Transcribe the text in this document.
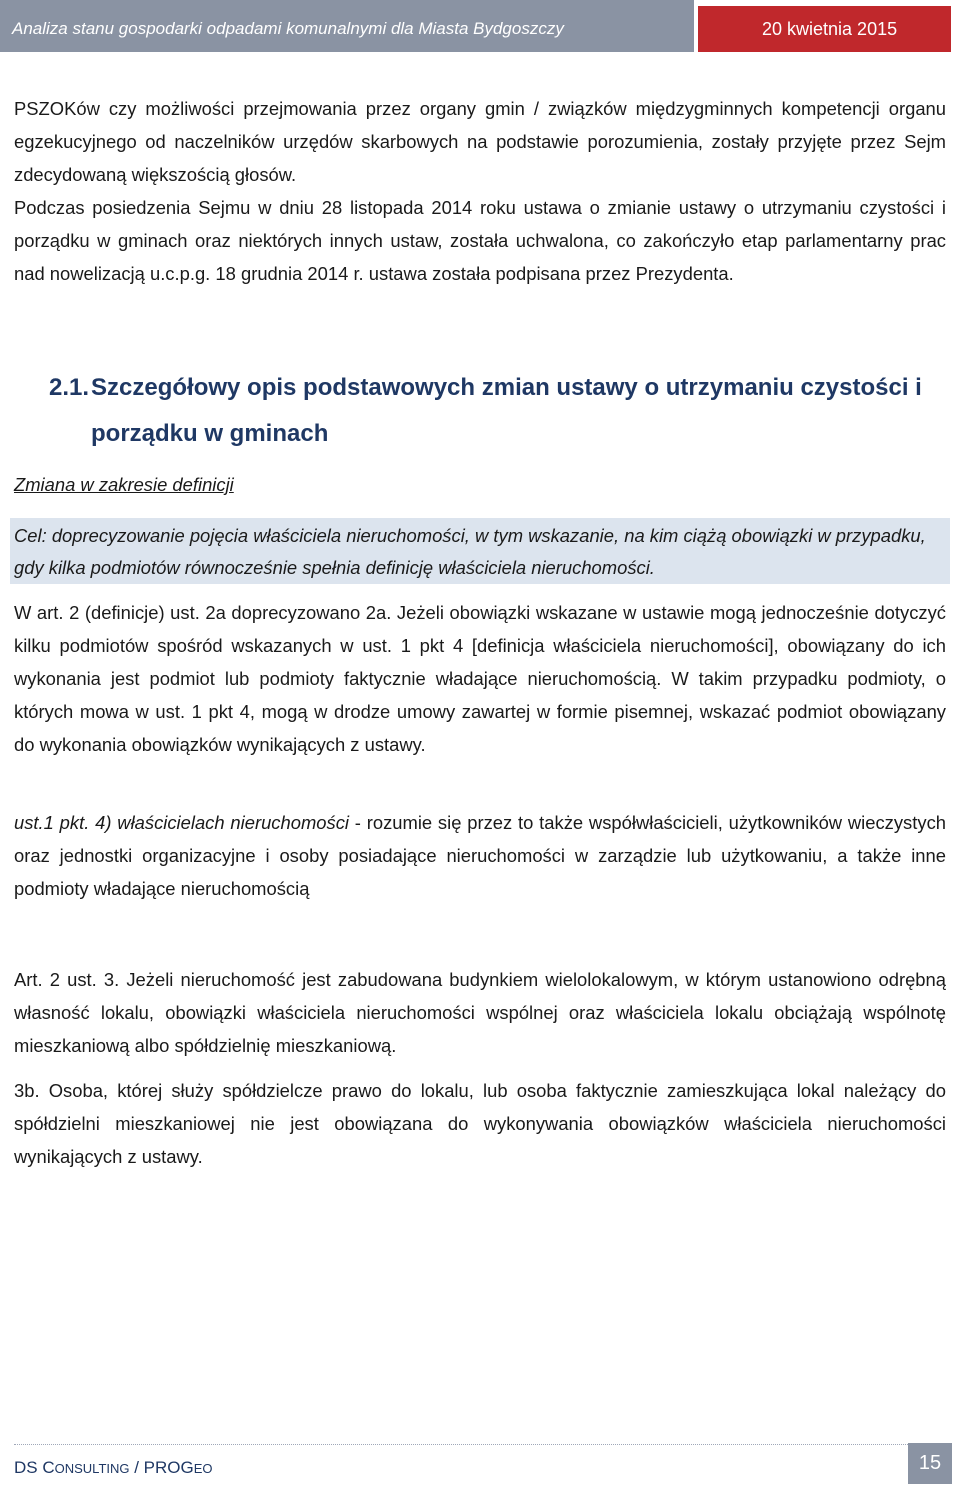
Analiza stanu gospodarki odpadami komunalnymi dla Miasta Bydgoszczy	20 kwietnia 2015

PSZOKów czy możliwości przejmowania przez organy gmin / związków międzygminnych kompetencji organu egzekucyjnego od naczelników urzędów skarbowych na podstawie porozumienia, zostały przyjęte przez Sejm zdecydowaną większością głosów.

Podczas posiedzenia Sejmu w dniu 28 listopada 2014 roku ustawa o zmianie ustawy o utrzymaniu czystości i porządku w gminach oraz niektórych innych ustaw, została uchwalona, co zakończyło etap parlamentarny prac nad nowelizacją u.c.p.g. 18 grudnia 2014 r. ustawa została podpisana przez Prezydenta.

2.1.Szczegółowy opis podstawowych zmian ustawy o utrzymaniu czystości i
porządku w gminach
Zmiana w zakresie definicji
Cel: doprecyzowanie pojęcia właściciela nieruchomości, w tym wskazanie, na kim ciążą obowiązki w przypadku, gdy kilka podmiotów równocześnie spełnia definicję właściciela nieruchomości.

W art. 2 (definicje) ust. 2a doprecyzowano 2a. Jeżeli obowiązki wskazane w ustawie mogą jednocześnie dotyczyć kilku podmiotów spośród wskazanych w ust. 1 pkt 4 [definicja właściciela nieruchomości], obowiązany do ich wykonania jest podmiot lub podmioty faktycznie władające nieruchomością. W takim przypadku podmioty, o których mowa w ust. 1 pkt 4, mogą w drodze umowy zawartej w formie pisemnej, wskazać podmiot obowiązany do wykonania obowiązków wynikających z ustawy.

ust.1 pkt. 4) właścicielach nieruchomości - rozumie się przez to także współwłaścicieli, użytkowników wieczystych oraz jednostki organizacyjne i osoby posiadające nieruchomości w zarządzie lub użytkowaniu, a także inne podmioty władające nieruchomością

Art. 2 ust. 3. Jeżeli nieruchomość jest zabudowana budynkiem wielolokalowym, w którym ustanowiono odrębną własność lokalu, obowiązki właściciela nieruchomości wspólnej oraz właściciela lokalu obciążają wspólnotę mieszkaniową albo spółdzielnię mieszkaniową.

3b. Osoba, której służy spółdzielcze prawo do lokalu, lub osoba faktycznie zamieszkująca lokal należący do spółdzielni mieszkaniowej nie jest obowiązana do wykonywania obowiązków właściciela nieruchomości wynikających z ustawy.

DS CONSULTING / PROGEO	15
